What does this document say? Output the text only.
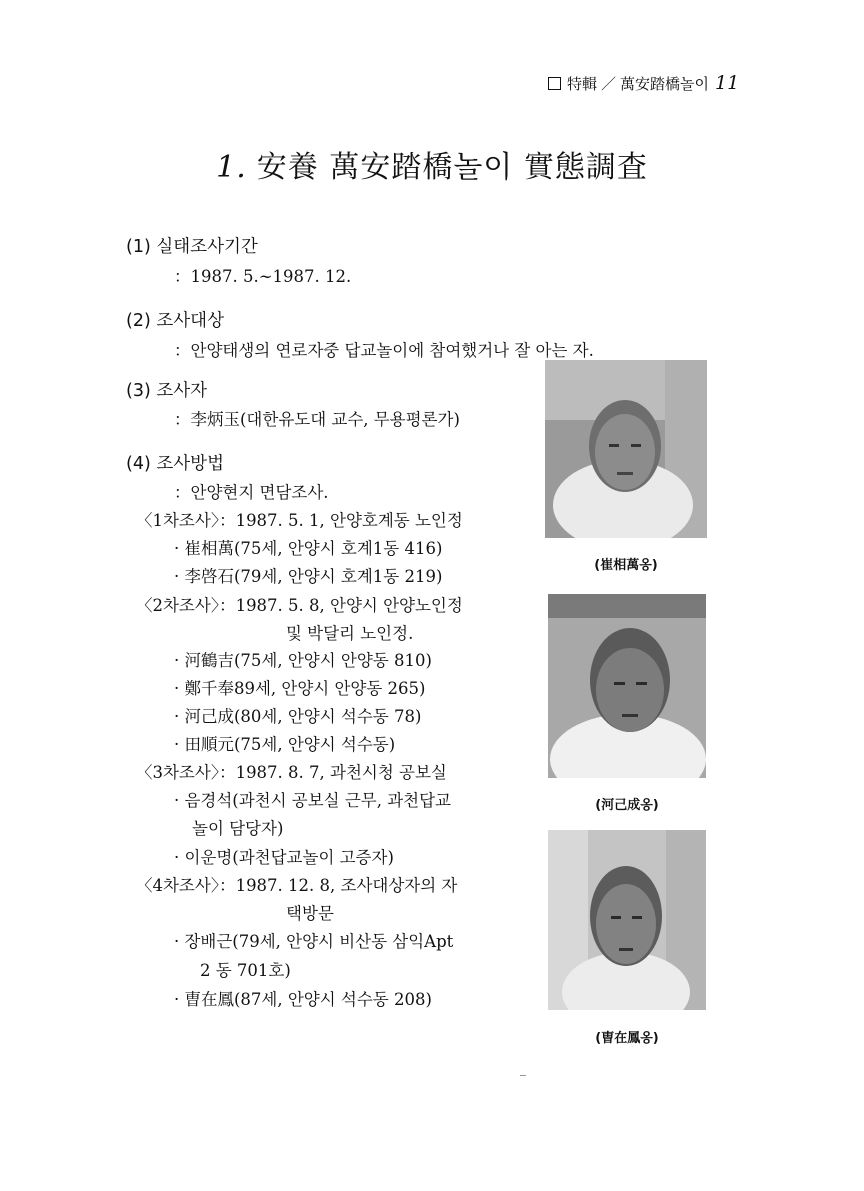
特輯 ／ 萬安踏橋놀이 11
1. 安養 萬安踏橋놀이 實態調査
(1) 실태조사기간
：1987. 5.∼1987. 12.
(2) 조사대상
：안양태생의 연로자중 답교놀이에 참여했거나 잘 아는 자.
(3) 조사자
：李炳玉(대한유도대 교수, 무용평론가)
(4) 조사방법
：안양현지 면담조사.
〈1차조사〉：1987. 5. 1, 안양호계동 노인정
· 崔相萬(75세, 안양시 호계1동 416)
· 李啓石(79세, 안양시 호계1동 219)
〈2차조사〉：1987. 5. 8, 안양시 안양노인정
및 박달리 노인정.
· 河鶴吉(75세, 안양시 안양동 810)
· 鄭千奉89세, 안양시 안양동 265)
· 河己成(80세, 안양시 석수동 78)
· 田順元(75세, 안양시 석수동)
〈3차조사〉：1987. 8. 7, 과천시청 공보실
· 음경석(과천시 공보실 근무, 과천답교
놀이 담당자)
· 이운명(과천답교놀이 고증자)
〈4차조사〉：1987. 12. 8, 조사대상자의 자
택방문
· 장배근(79세, 안양시 비산동 삼익Apt
2 동 701호)
· 曺在鳳(87세, 안양시 석수동 208)
(崔相萬옹)
(河己成옹)
(曺在鳳옹)
